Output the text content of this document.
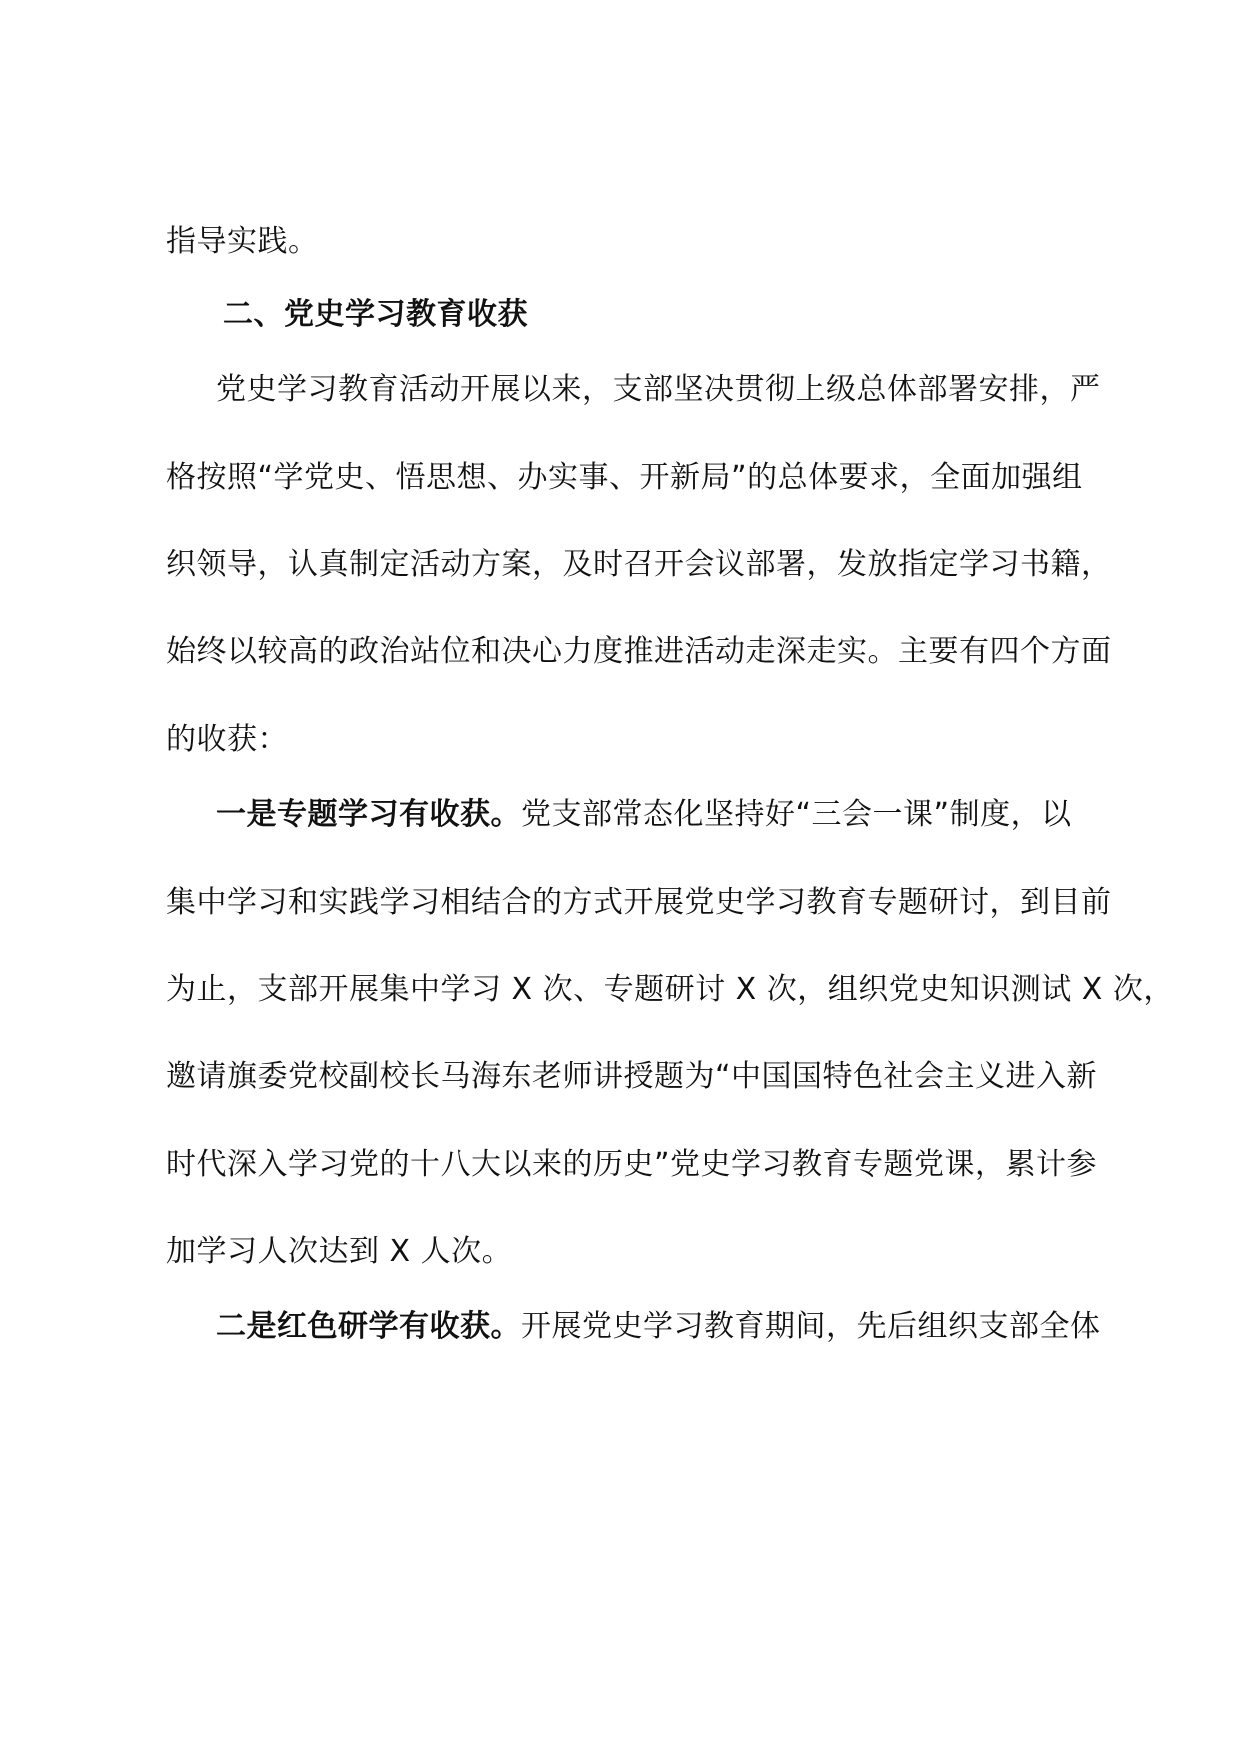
指导实践。
二、党史学习教育收获
党史学习教育活动开展以来，支部坚决贯彻上级总体部署安排，严
格按照“学党史、悟思想、办实事、开新局”的总体要求，全面加强组
织领导，认真制定活动方案，及时召开会议部署，发放指定学习书籍，
始终以较高的政治站位和决心力度推进活动走深走实。主要有四个方面
的收获：
一是专题学习有收获。党支部常态化坚持好“三会一课”制度，以
集中学习和实践学习相结合的方式开展党史学习教育专题研讨，到目前
为止，支部开展集中学习 X 次、专题研讨 X 次，组织党史知识测试 X 次，
邀请旗委党校副校长马海东老师讲授题为“中国国特色社会主义进入新
时代深入学习党的十八大以来的历史”党史学习教育专题党课，累计参
加学习人次达到 X 人次。
二是红色研学有收获。开展党史学习教育期间，先后组织支部全体
